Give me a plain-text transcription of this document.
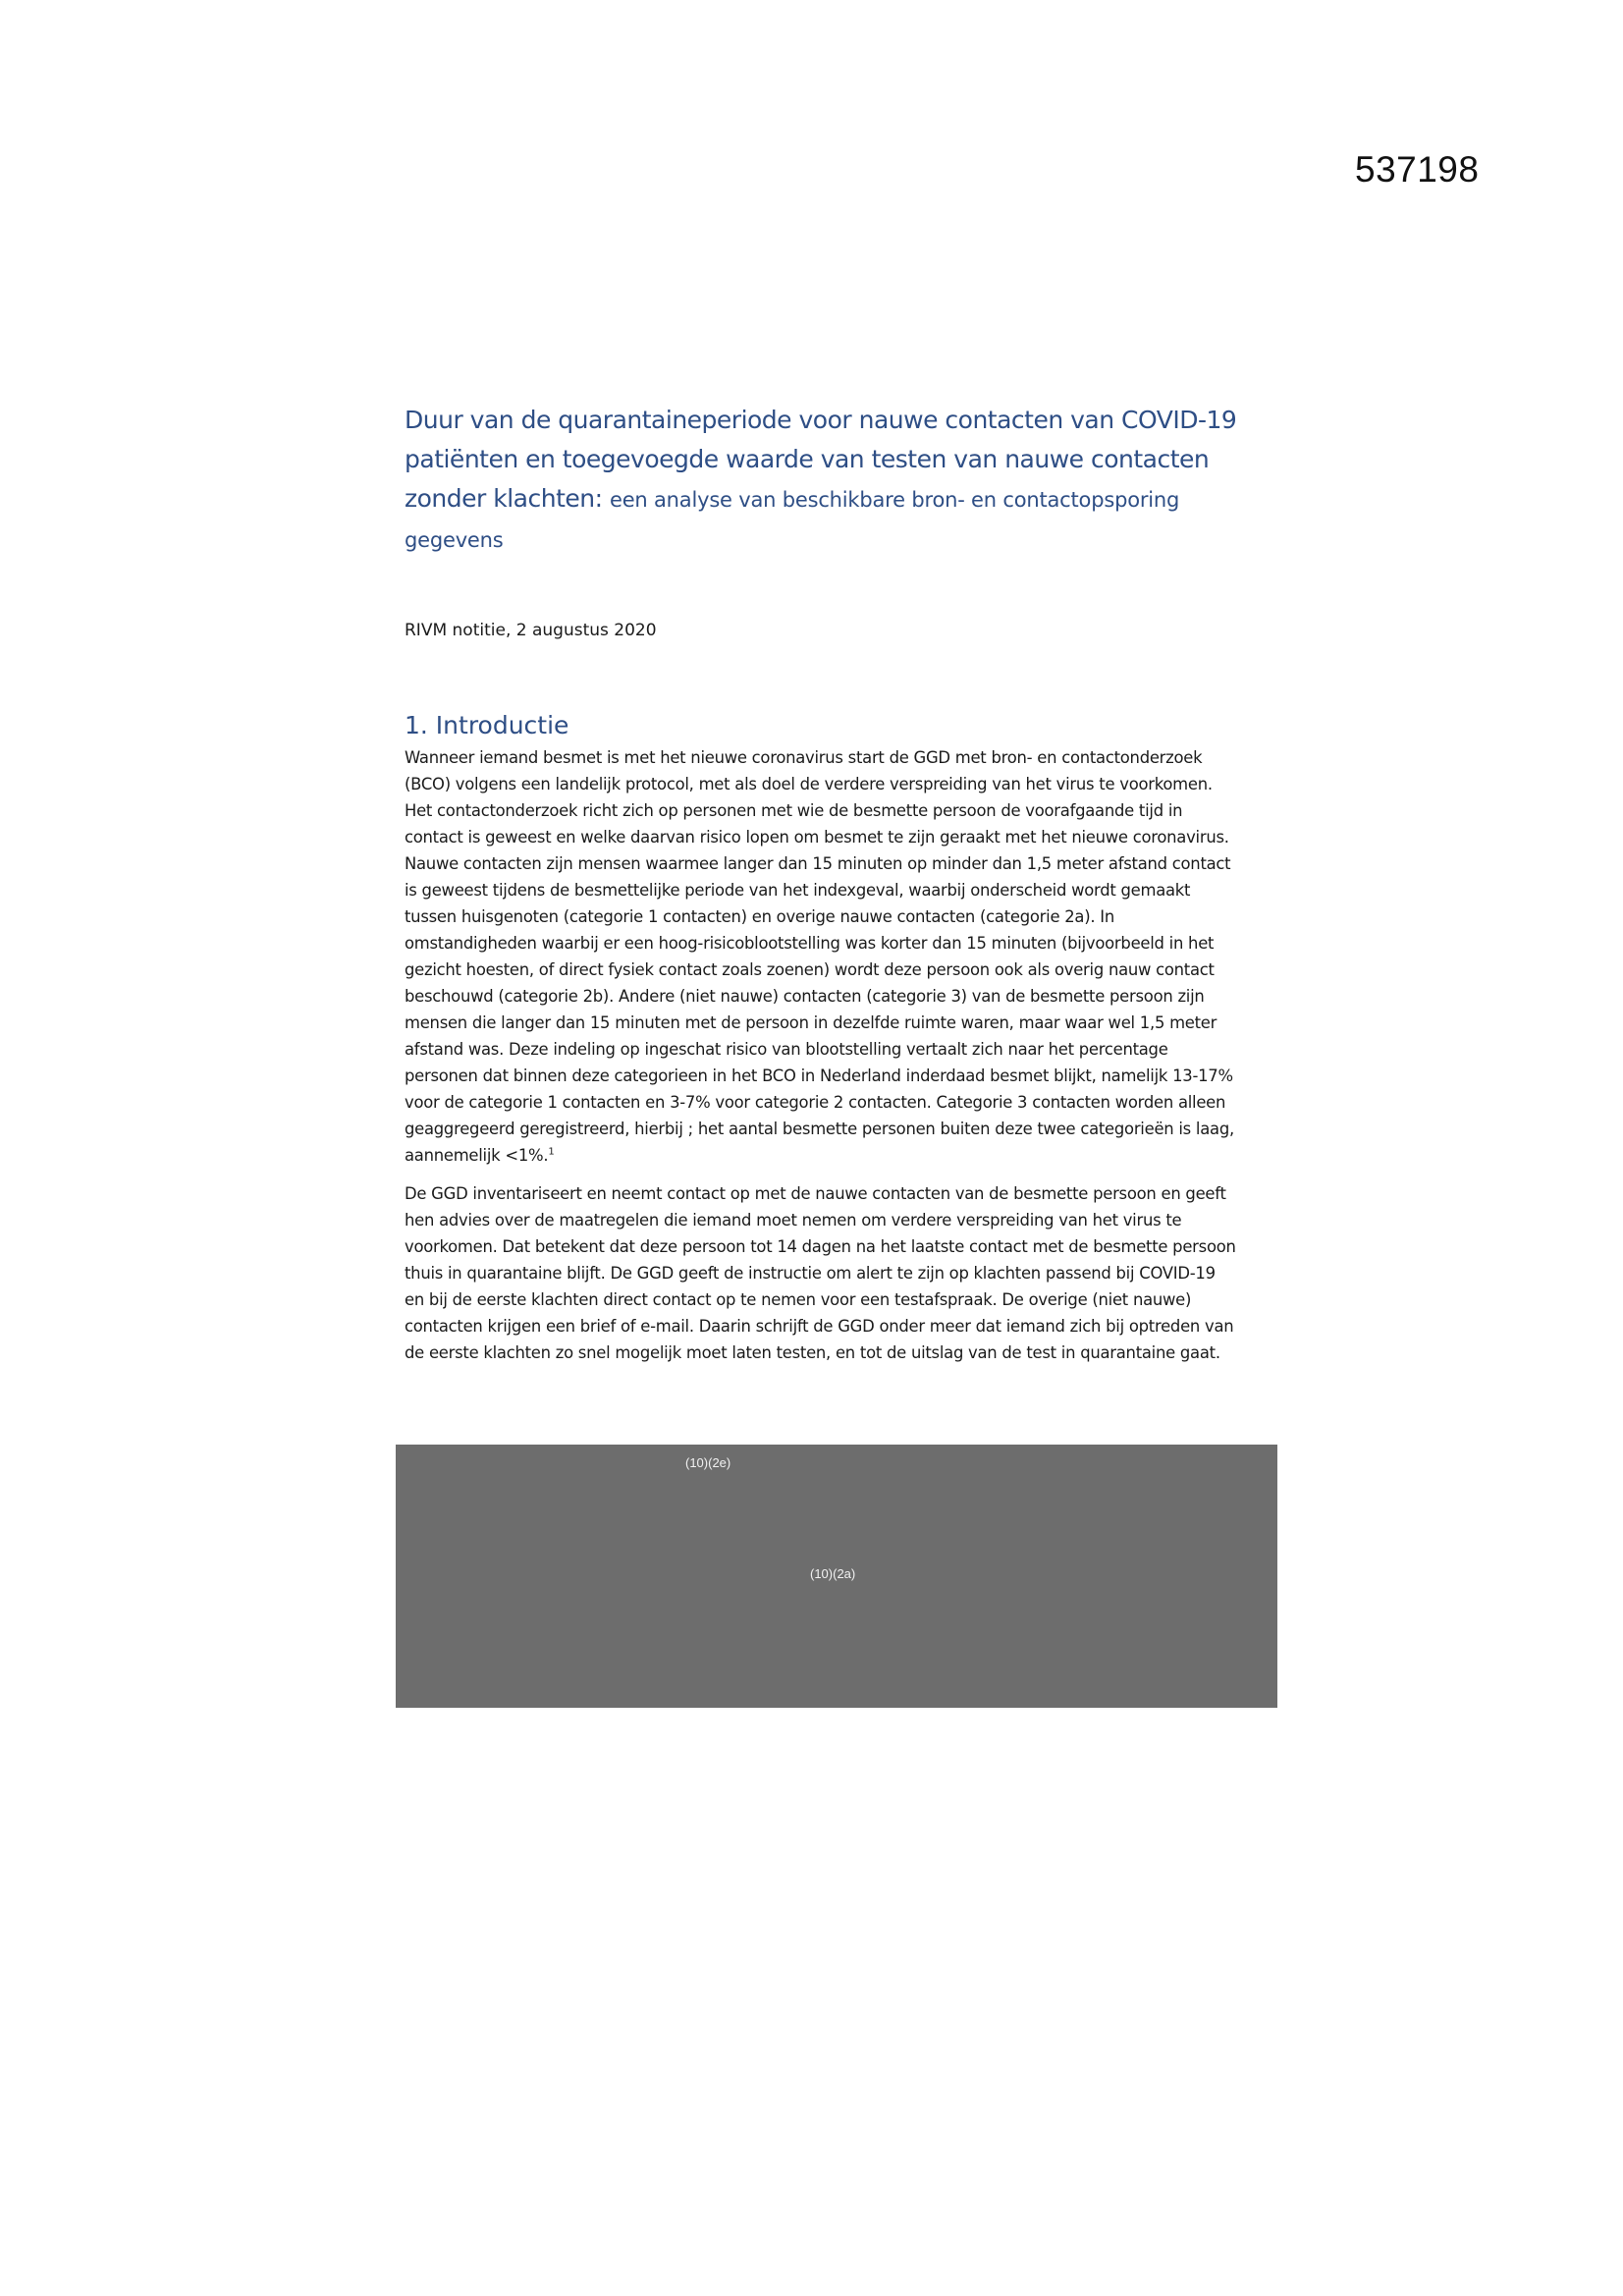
537198
Duur van de quarantaineperiode voor nauwe contacten van COVID-19 patiënten en toegevoegde waarde van testen van nauwe contacten zonder klachten: een analyse van beschikbare bron- en contactopsporing gegevens
RIVM notitie, 2 augustus 2020
1. Introductie

Wanneer iemand besmet is met het nieuwe coronavirus start de GGD met bron- en contactonderzoek (BCO) volgens een landelijk protocol, met als doel de verdere verspreiding van het virus te voorkomen. Het contactonderzoek richt zich op personen met wie de besmette persoon de voorafgaande tijd in contact is geweest en welke daarvan risico lopen om besmet te zijn geraakt met het nieuwe coronavirus. Nauwe contacten zijn mensen waarmee langer dan 15 minuten op minder dan 1,5 meter afstand contact is geweest tijdens de besmettelijke periode van het indexgeval, waarbij onderscheid wordt gemaakt tussen huisgenoten (categorie 1 contacten) en overige nauwe contacten (categorie 2a). In omstandigheden waarbij er een hoog-risicoblootstelling was korter dan 15 minuten (bijvoorbeeld in het gezicht hoesten, of direct fysiek contact zoals zoenen) wordt deze persoon ook als overig nauw contact beschouwd (categorie 2b). Andere (niet nauwe) contacten (categorie 3) van de besmette persoon zijn mensen die langer dan 15 minuten met de persoon in dezelfde ruimte waren, maar waar wel 1,5 meter afstand was. Deze indeling op ingeschat risico van blootstelling vertaalt zich naar het percentage personen dat binnen deze categorieen in het BCO in Nederland inderdaad besmet blijkt, namelijk 13-17% voor de categorie 1 contacten en 3-7% voor categorie 2 contacten. Categorie 3 contacten worden alleen geaggregeerd geregistreerd, hierbij ; het aantal besmette personen buiten deze twee categorieën is laag, aannemelijk <1%.$^1$

De GGD inventariseert en neemt contact op met de nauwe contacten van de besmette persoon en geeft hen advies over de maatregelen die iemand moet nemen om verdere verspreiding van het virus te voorkomen. Dat betekent dat deze persoon tot 14 dagen na het laatste contact met de besmette persoon thuis in quarantaine blijft. De GGD geeft de instructie om alert te zijn op klachten passend bij COVID-19 en bij de eerste klachten direct contact op te nemen voor een testafspraak. De overige (niet nauwe) contacten krijgen een brief of e-mail. Daarin schrijft de GGD onder meer dat iemand zich bij optreden van de eerste klachten zo snel mogelijk moet laten testen, en tot de uitslag van de test in quarantaine gaat.

(10)(2e)
(10)(2a)
